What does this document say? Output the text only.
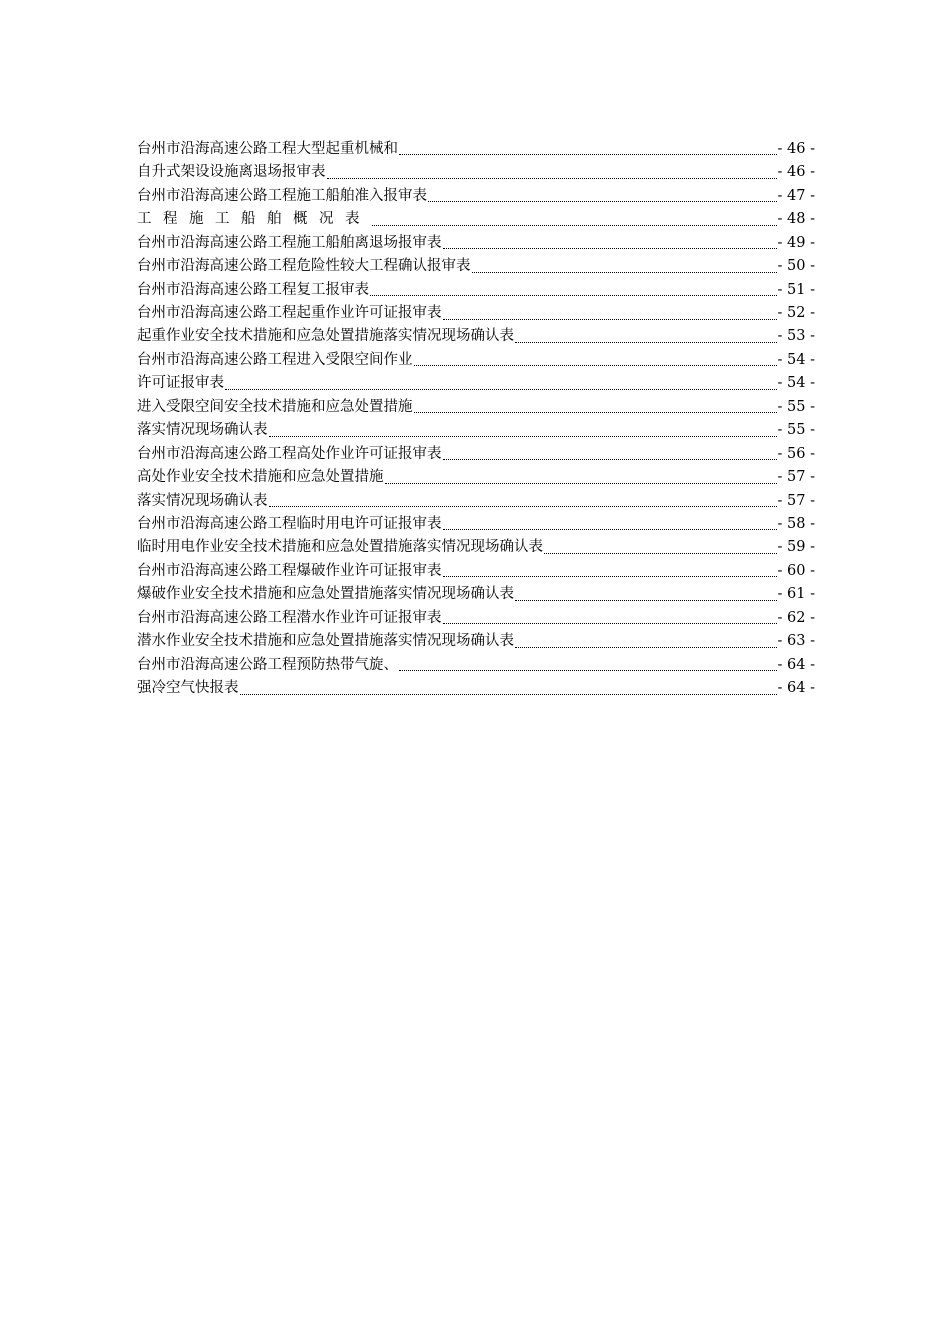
台州市沿海高速公路工程大型起重机械和	- 46 -
自升式架设设施离退场报审表	- 46 -
台州市沿海高速公路工程施工船舶准入报审表	- 47 -
工程施工船舶概况表	- 48 -
台州市沿海高速公路工程施工船舶离退场报审表	- 49 -
台州市沿海高速公路工程危险性较大工程确认报审表	- 50 -
台州市沿海高速公路工程复工报审表	- 51 -
台州市沿海高速公路工程起重作业许可证报审表	- 52 -
起重作业安全技术措施和应急处置措施落实情况现场确认表	- 53 -
台州市沿海高速公路工程进入受限空间作业	- 54 -
许可证报审表	- 54 -
进入受限空间安全技术措施和应急处置措施	- 55 -
落实情况现场确认表	- 55 -
台州市沿海高速公路工程高处作业许可证报审表	- 56 -
高处作业安全技术措施和应急处置措施	- 57 -
落实情况现场确认表	- 57 -
台州市沿海高速公路工程临时用电许可证报审表	- 58 -
临时用电作业安全技术措施和应急处置措施落实情况现场确认表	- 59 -
台州市沿海高速公路工程爆破作业许可证报审表	- 60 -
爆破作业安全技术措施和应急处置措施落实情况现场确认表	- 61 -
台州市沿海高速公路工程潜水作业许可证报审表	- 62 -
潜水作业安全技术措施和应急处置措施落实情况现场确认表	- 63 -
台州市沿海高速公路工程预防热带气旋、	- 64 -
强冷空气快报表	- 64 -
